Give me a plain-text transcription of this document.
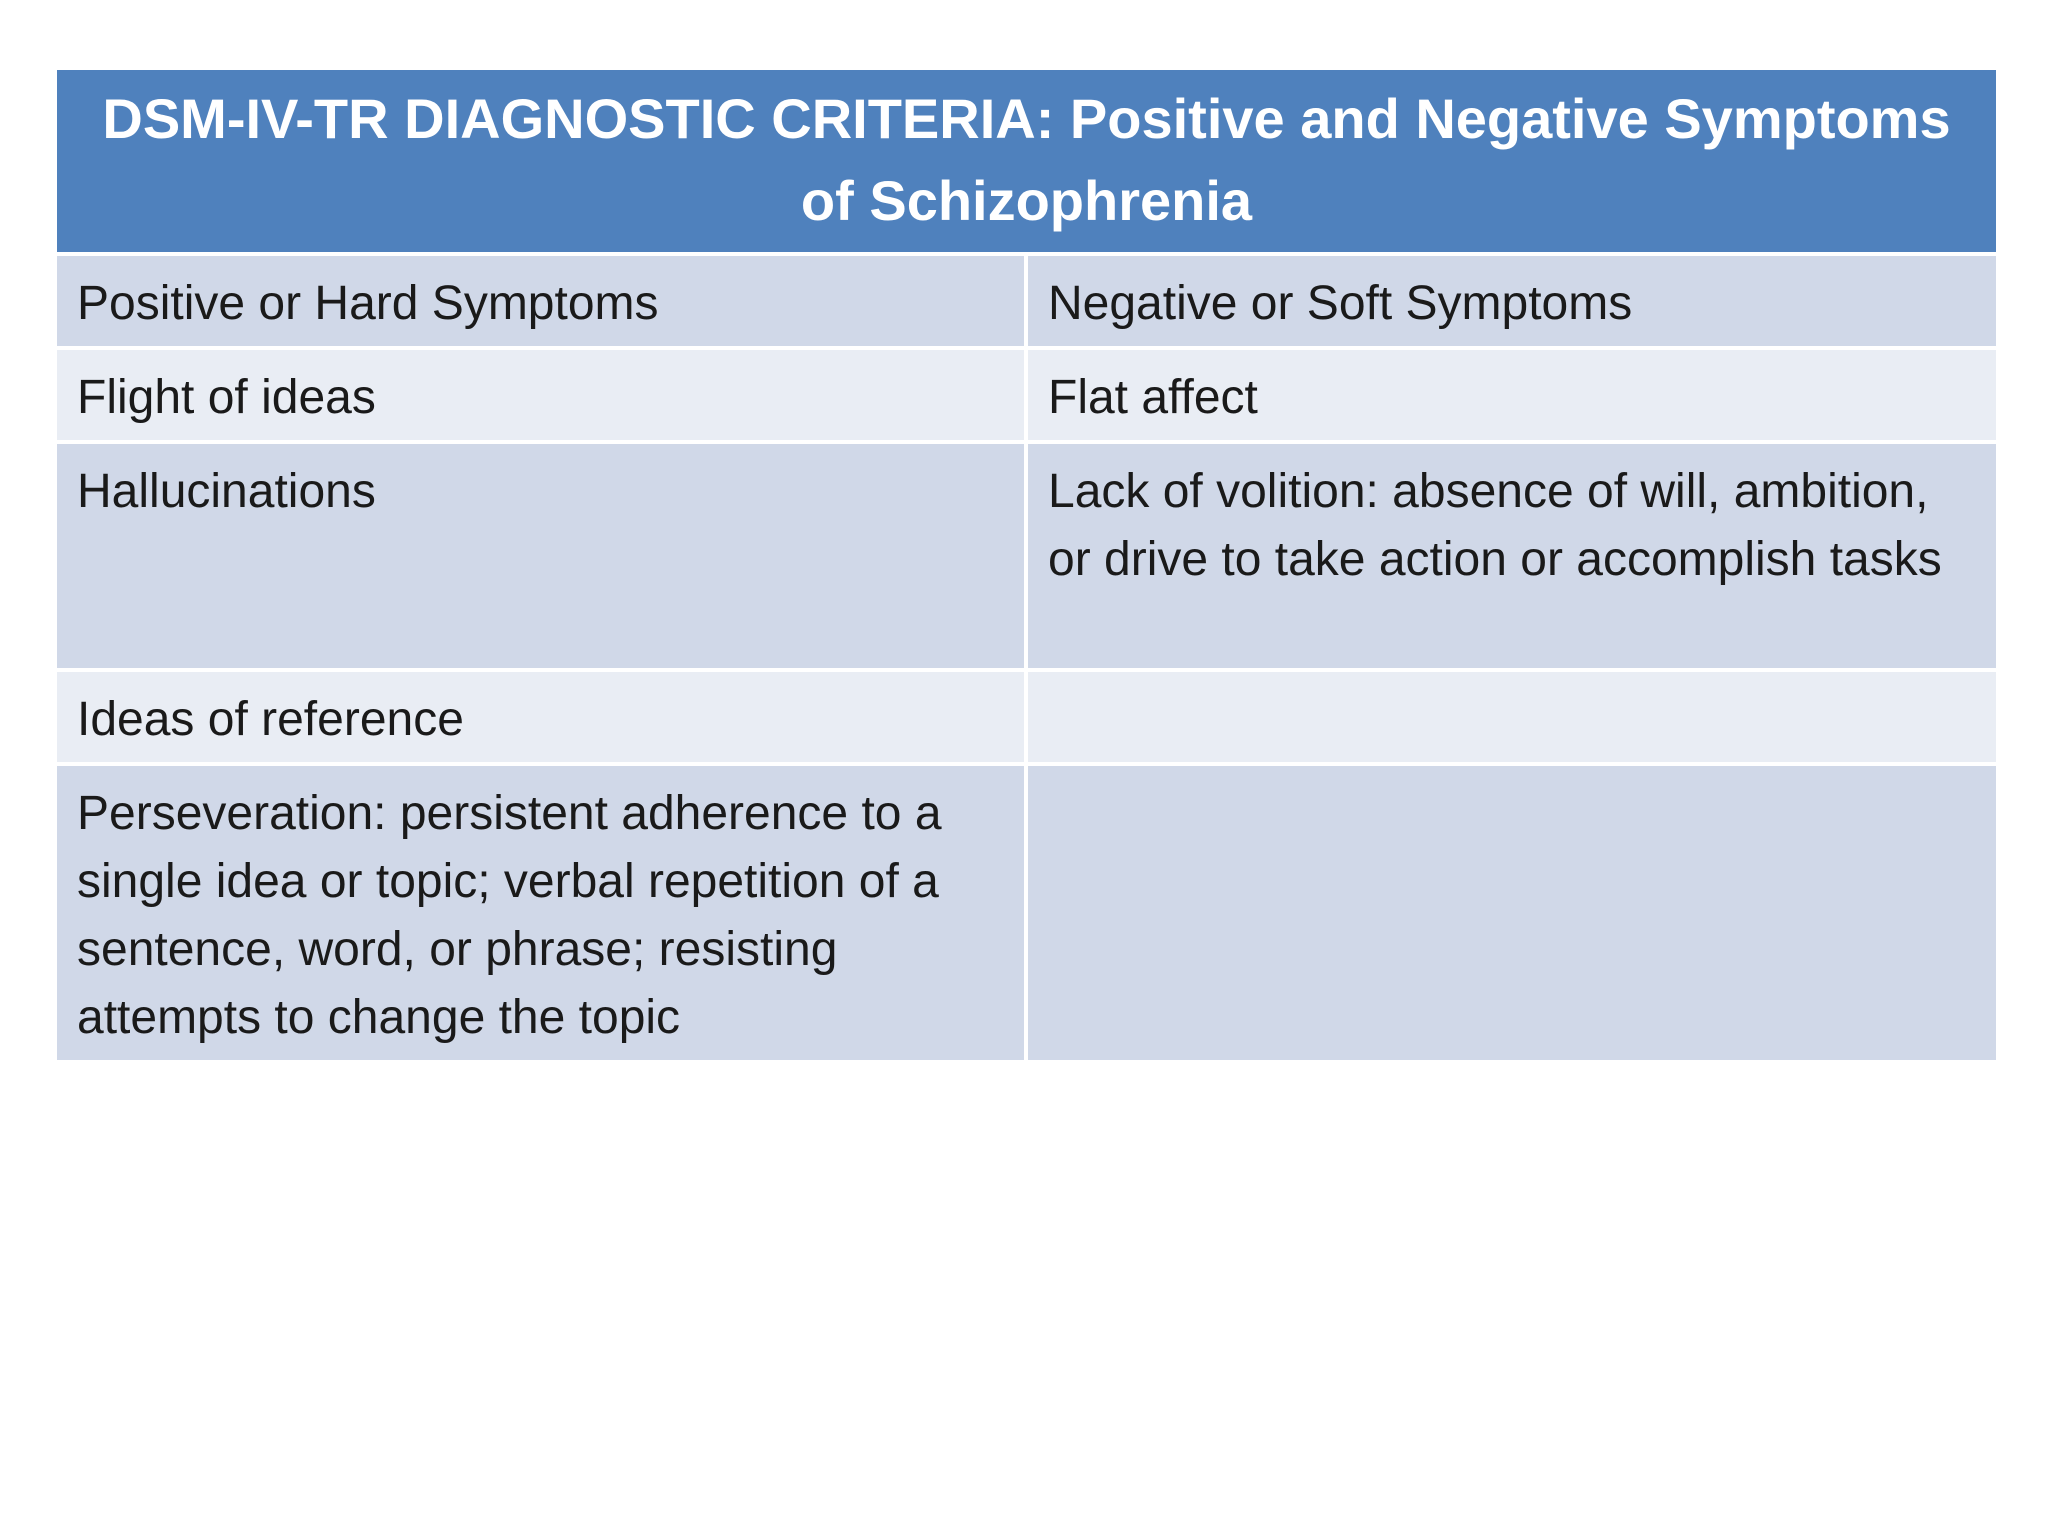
DSM-IV-TR DIAGNOSTIC CRITERIA: Positive and Negative Symptoms of Schizophrenia	
Positive or Hard Symptoms	Negative or Soft Symptoms
Flight of ideas	Flat affect
Hallucinations	Lack of volition: absence of will, ambition, or drive to take action or accomplish tasks
Ideas of reference	
Perseveration: persistent adherence to a single idea or topic; verbal repetition of a sentence, word, or phrase; resisting attempts to change the topic	
